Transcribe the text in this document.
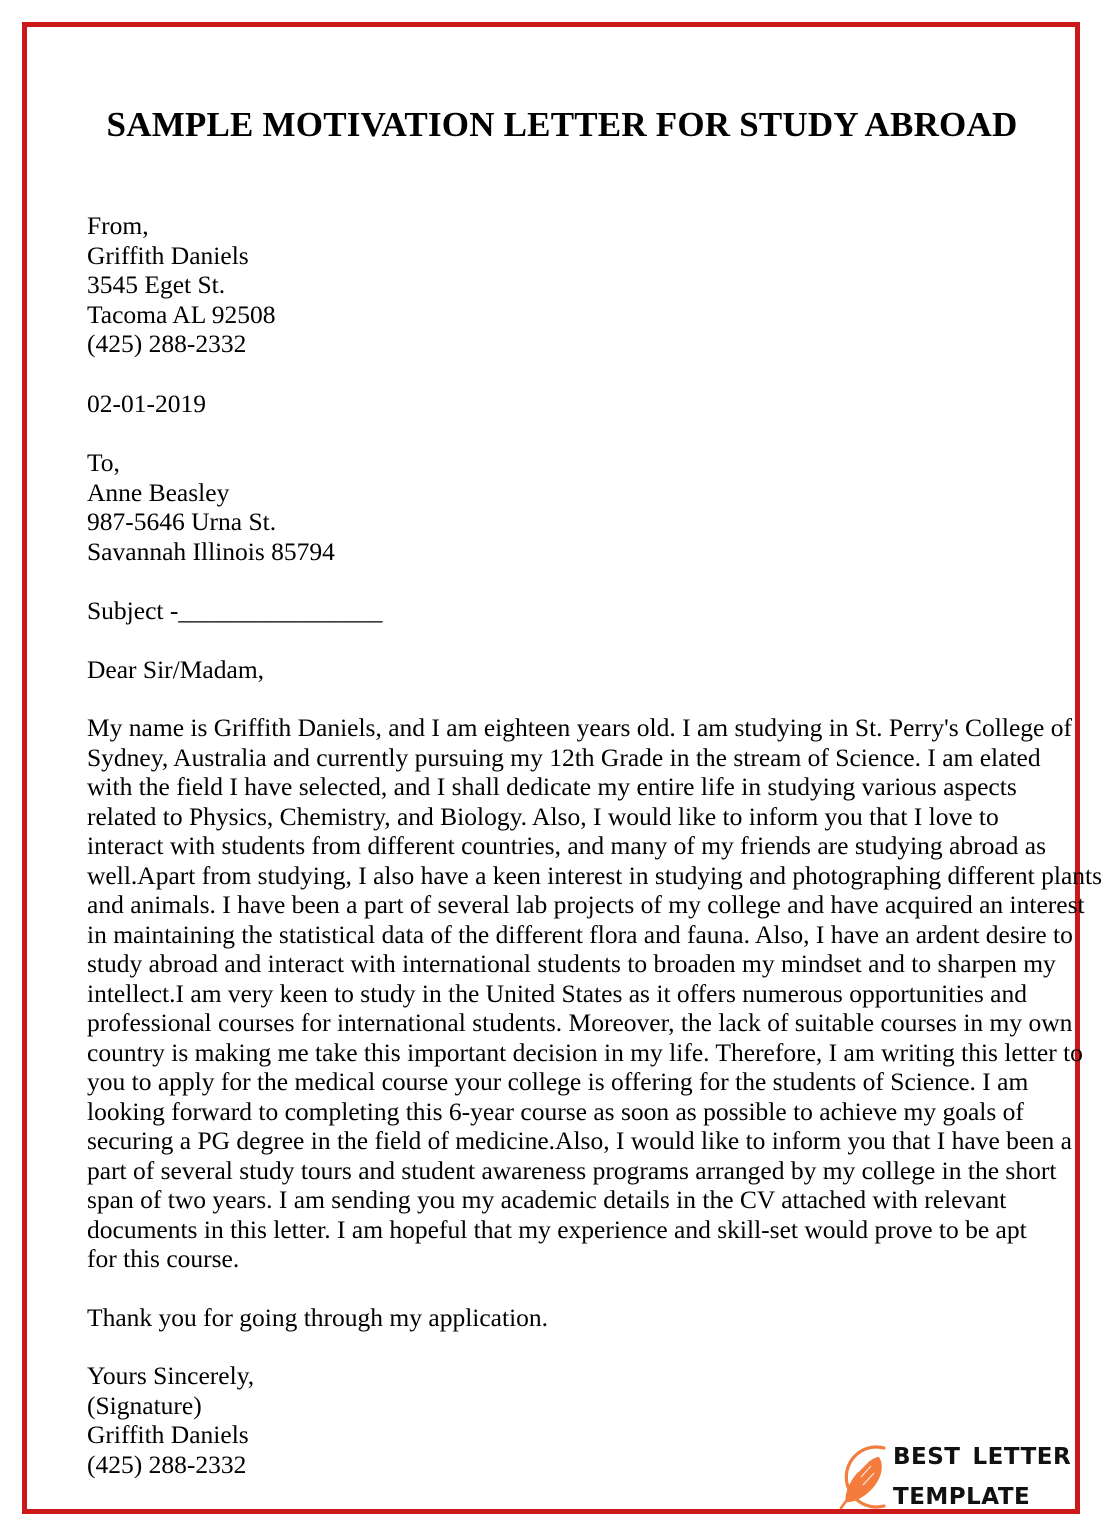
SAMPLE MOTIVATION LETTER FOR STUDY ABROAD
From,
Griffith Daniels
3545 Eget St.
Tacoma AL 92508
(425) 288-2332
02-01-2019
To,
Anne Beasley
987-5646 Urna St.
Savannah Illinois 85794
Subject -________________
Dear Sir/Madam,
My name is Griffith Daniels, and I am eighteen years old. I am studying in St. Perry's College of
Sydney, Australia and currently pursuing my 12th Grade in the stream of Science. I am elated
with the field I have selected, and I shall dedicate my entire life in studying various aspects
related to Physics, Chemistry, and Biology. Also, I would like to inform you that I love to
interact with students from different countries, and many of my friends are studying abroad as
well.Apart from studying, I also have a keen interest in studying and photographing different plants
and animals. I have been a part of several lab projects of my college and have acquired an interest
in maintaining the statistical data of the different flora and fauna. Also, I have an ardent desire to
study abroad and interact with international students to broaden my mindset and to sharpen my
intellect.I am very keen to study in the United States as it offers numerous opportunities and
professional courses for international students. Moreover, the lack of suitable courses in my own
country is making me take this important decision in my life. Therefore, I am writing this letter to
you to apply for the medical course your college is offering for the students of Science. I am
looking forward to completing this 6-year course as soon as possible to achieve my goals of
securing a PG degree in the field of medicine.Also, I would like to inform you that I have been a
part of several study tours and student awareness programs arranged by my college in the short
span of two years. I am sending you my academic details in the CV attached with relevant
documents in this letter. I am hopeful that my experience and skill-set would prove to be apt
for this course.
Thank you for going through my application.
Yours Sincerely,
(Signature)
Griffith Daniels
(425) 288-2332	best letter
template
